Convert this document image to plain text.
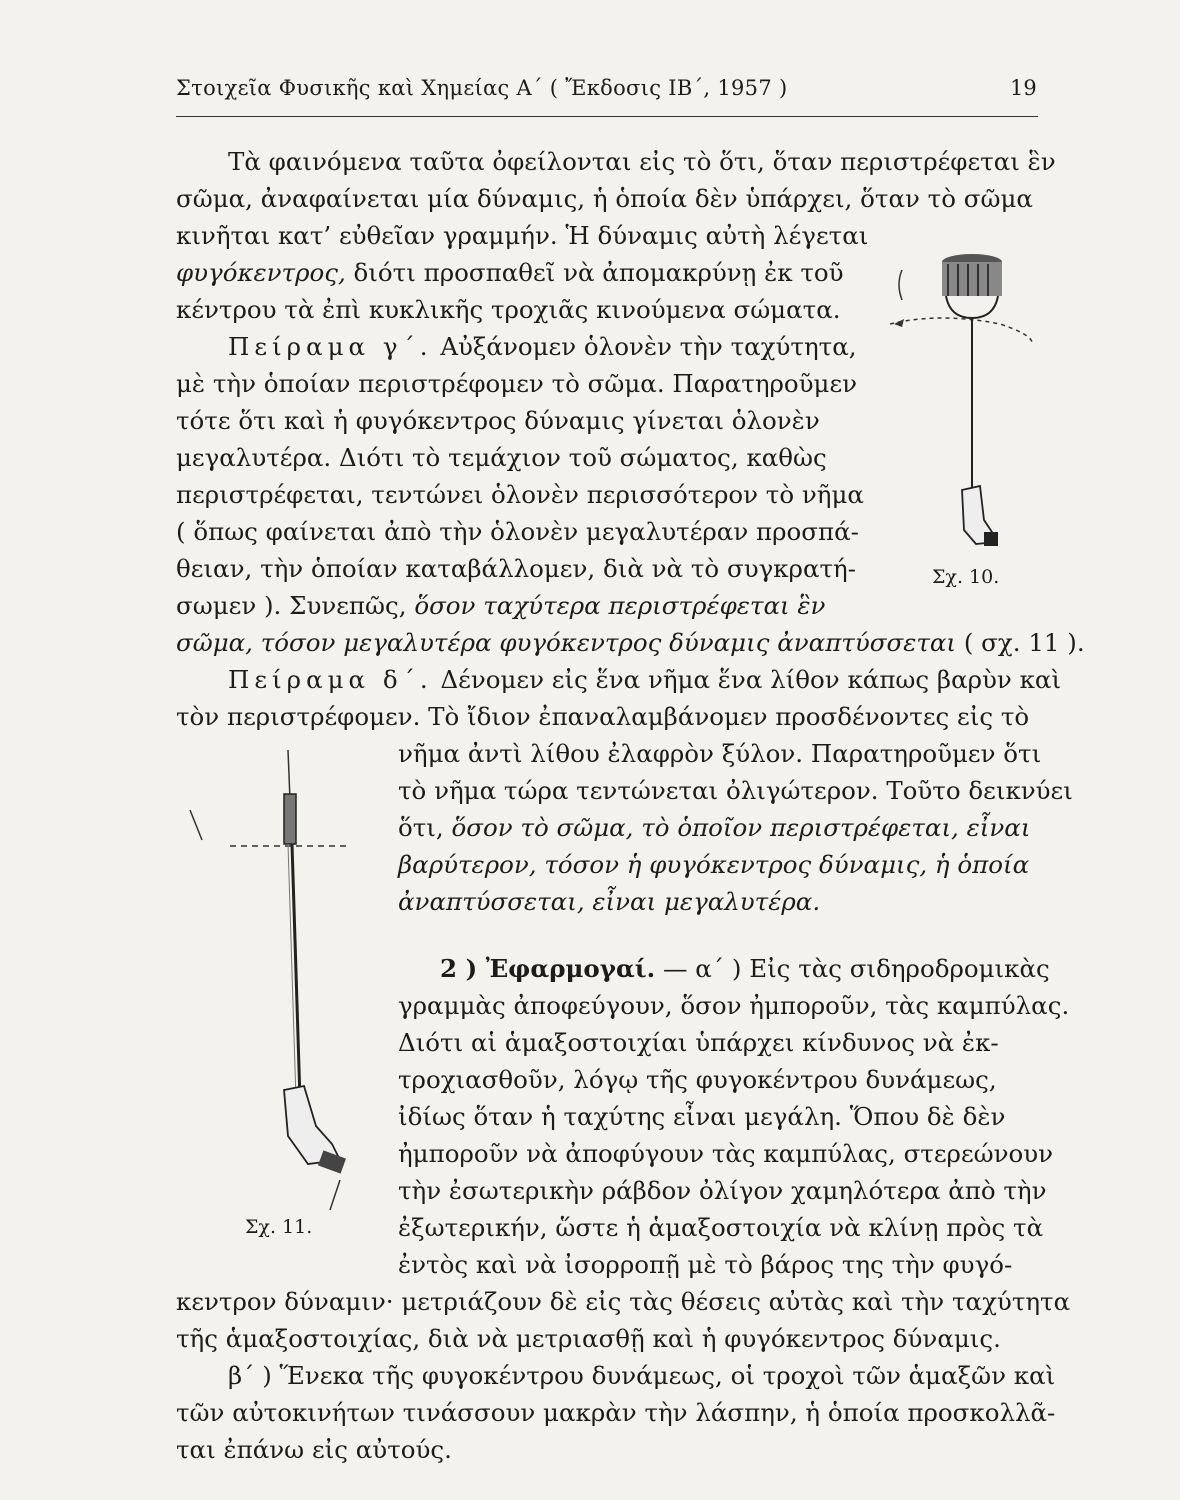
Στοιχεῖα Φυσικῆς καὶ Χημείας Α΄ ( Ἔκδοσις ΙΒ΄, 1957 )	19
Τὰ φαινόμενα ταῦτα ὀφείλονται εἰς τὸ ὅτι, ὅταν περιστρέφεται ἓν
σῶμα, ἀναφαίνεται μία δύναμις, ἡ ὁποία δὲν ὑπάρχει, ὅταν τὸ σῶμα
κινῆται κατ’ εὐθεῖαν γραμμήν. Ἡ δύναμις αὐτὴ λέγεται
φυγόκεντρος, διότι προσπαθεῖ νὰ ἀπομακρύνῃ ἐκ τοῦ
κέντρου τὰ ἐπὶ κυκλικῆς τροχιᾶς κινούμενα σώματα.
Πείραμα γ΄. Αὐξάνομεν ὁλονὲν τὴν ταχύτητα,
μὲ τὴν ὁποίαν περιστρέφομεν τὸ σῶμα. Παρατηροῦμεν
τότε ὅτι καὶ ἡ φυγόκεντρος δύναμις γίνεται ὁλονὲν
μεγαλυτέρα. Διότι τὸ τεμάχιον τοῦ σώματος, καθὼς
περιστρέφεται, τεντώνει ὁλονὲν περισσότερον τὸ νῆμα
( ὅπως φαίνεται ἀπὸ τὴν ὁλονὲν μεγαλυτέραν προσπά-
θειαν, τὴν ὁποίαν καταβάλλομεν, διὰ νὰ τὸ συγκρατή-
σωμεν ). Συνεπῶς, ὅσον ταχύτερα περιστρέφεται ἓν
σῶμα, τόσον μεγαλυτέρα φυγόκεντρος δύναμις ἀναπτύσσεται ( σχ. 11 ).
Πείραμα δ΄. Δένομεν εἰς ἕνα νῆμα ἕνα λίθον κάπως βαρὺν καὶ
τὸν περιστρέφομεν. Τὸ ἴδιον ἐπαναλαμβάνομεν προσδένοντες εἰς τὸ
νῆμα ἀντὶ λίθου ἐλαφρὸν ξύλον. Παρατηροῦμεν ὅτι
τὸ νῆμα τώρα τεντώνεται ὀλιγώτερον. Τοῦτο δεικνύει
ὅτι, ὅσον τὸ σῶμα, τὸ ὁποῖον περιστρέφεται, εἶναι
βαρύτερον, τόσον ἡ φυγόκεντρος δύναμις, ἡ ὁποία
ἀναπτύσσεται, εἶναι μεγαλυτέρα.
2 ) Ἐφαρμογαί. — α΄ ) Εἰς τὰς σιδηροδρομικὰς
γραμμὰς ἀποφεύγουν, ὅσον ἠμποροῦν, τὰς καμπύλας.
Διότι αἱ ἁμαξοστοιχίαι ὑπάρχει κίνδυνος νὰ ἐκ-
τροχιασθοῦν, λόγῳ τῆς φυγοκέντρου δυνάμεως,
ἰδίως ὅταν ἡ ταχύτης εἶναι μεγάλη. Ὅπου δὲ δὲν
ἠμποροῦν νὰ ἀποφύγουν τὰς καμπύλας, στερεώνουν
τὴν ἐσωτερικὴν ράβδον ὀλίγον χαμηλότερα ἀπὸ τὴν
ἐξωτερικήν, ὥστε ἡ ἁμαξοστοιχία νὰ κλίνῃ πρὸς τὰ
ἐντὸς καὶ νὰ ἰσορροπῇ μὲ τὸ βάρος της τὴν φυγό-
κεντρον δύναμιν· μετριάζουν δὲ εἰς τὰς θέσεις αὐτὰς καὶ τὴν ταχύτητα
τῆς ἁμαξοστοιχίας, διὰ νὰ μετριασθῇ καὶ ἡ φυγόκεντρος δύναμις.
β΄ ) Ἕνεκα τῆς φυγοκέντρου δυνάμεως, οἱ τροχοὶ τῶν ἁμαξῶν καὶ
τῶν αὐτοκινήτων τινάσσουν μακρὰν τὴν λάσπην, ἡ ὁποία προσκολλᾶ-
ται ἐπάνω εἰς αὐτούς.
Σχ. 10.
Σχ. 11.
